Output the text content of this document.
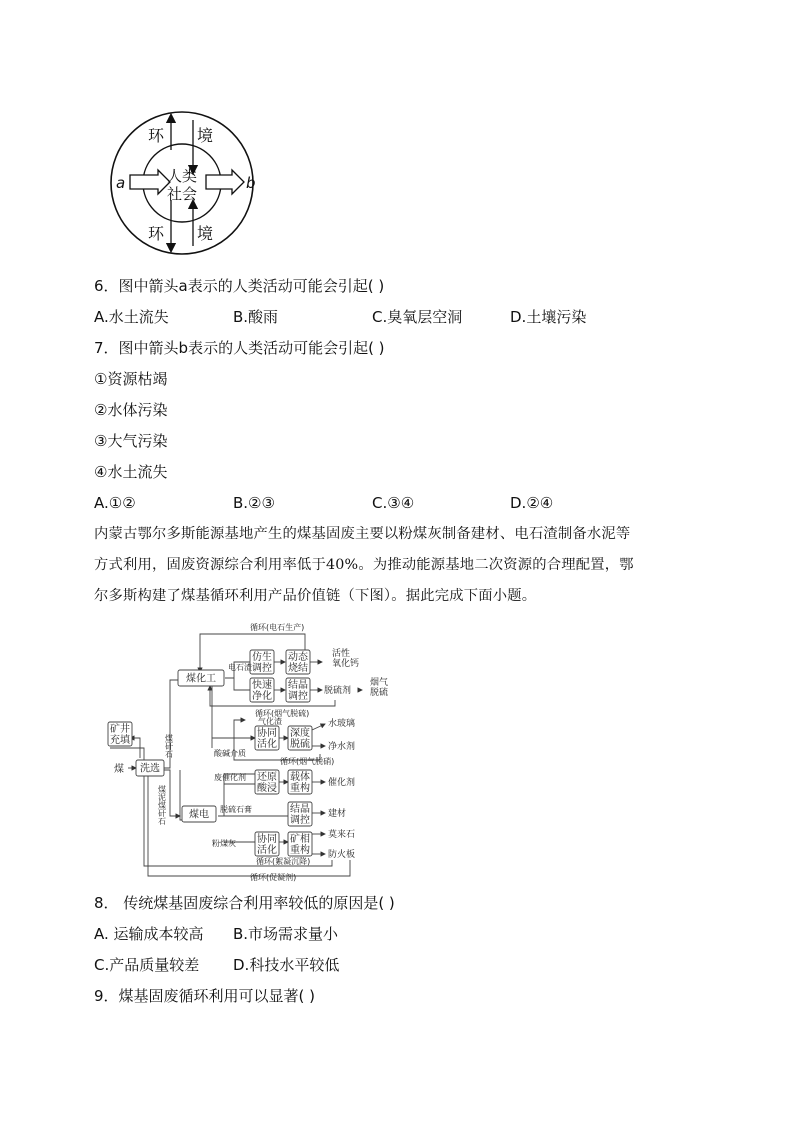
环 境
人类
社会
环 境
a	b
6．图中箭头a表示的人类活动可能会引起( )
A.水土流失	B.酸雨	C.臭氧层空洞	D.土壤污染
7．图中箭头b表示的人类活动可能会引起( )
①资源枯竭
②水体污染
③大气污染
④水土流失
A.①②	B.②③	C.③④	D.②④
内蒙古鄂尔多斯能源基地产生的煤基固废主要以粉煤灰制备建材、电石渣制备水泥等
方式利用，固废资源综合利用率低于40%。为推动能源基地二次资源的合理配置，鄂
尔多斯构建了煤基循环利用产品价值链（下图）。据此完成下面小题。
矿井充填
洗选
煤化工
煤电
仿生调控
动态烧结
快速净化
结晶调控
协同活化
深度脱硫
还原酸浸
载体重构
结晶调控
协同活化
矿相重构
循环(电石生产)
电石渣
循环(烟气脱硫)
气化渣
酸碱介质
循环(烟气脱硝)
废催化剂
脱硫石膏
粉煤灰
循环(絮凝沉降)
循环(促凝剂)
煤
煤泥煤矸石
煤矸石
活性氧化钙
脱硫剂
烟气脱硫
水玻璃
净水剂
催化剂
建材
莫来石
防火板
8． 传统煤基固废综合利用率较低的原因是( )
A. 运输成本较高 B.市场需求量小
C.产品质量较差 D.科技水平较低
9．煤基固废循环利用可以显著( )
